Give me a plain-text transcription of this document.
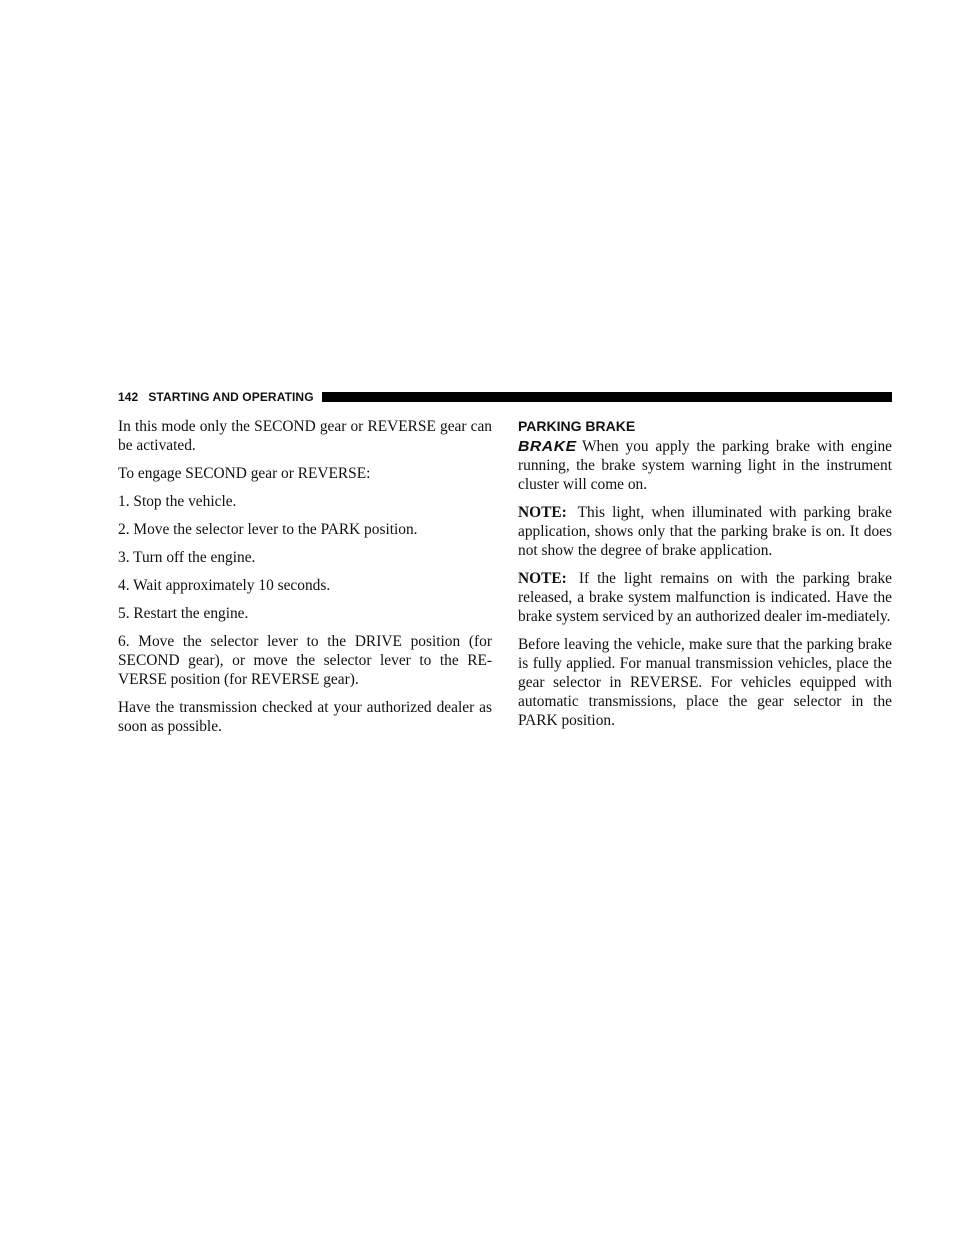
142 STARTING AND OPERATING

In this mode only the SECOND gear or REVERSE gear can be activated.

To engage SECOND gear or REVERSE:

1. Stop the vehicle.

2. Move the selector lever to the PARK position.

3. Turn off the engine.

4. Wait approximately 10 seconds.

5. Restart the engine.

6. Move the selector lever to the DRIVE position (for SECOND gear), or move the selector lever to the RE-VERSE position (for REVERSE gear).

Have the transmission checked at your authorized dealer as soon as possible.

PARKING BRAKE

BRAKE When you apply the parking brake with engine running, the brake system warning light in the instrument cluster will come on.

NOTE: This light, when illuminated with parking brake application, shows only that the parking brake is on. It does not show the degree of brake application.

NOTE: If the light remains on with the parking brake released, a brake system malfunction is indicated. Have the brake system serviced by an authorized dealer im-mediately.

Before leaving the vehicle, make sure that the parking brake is fully applied. For manual transmission vehicles, place the gear selector in REVERSE. For vehicles equipped with automatic transmissions, place the gear selector in the PARK position.
